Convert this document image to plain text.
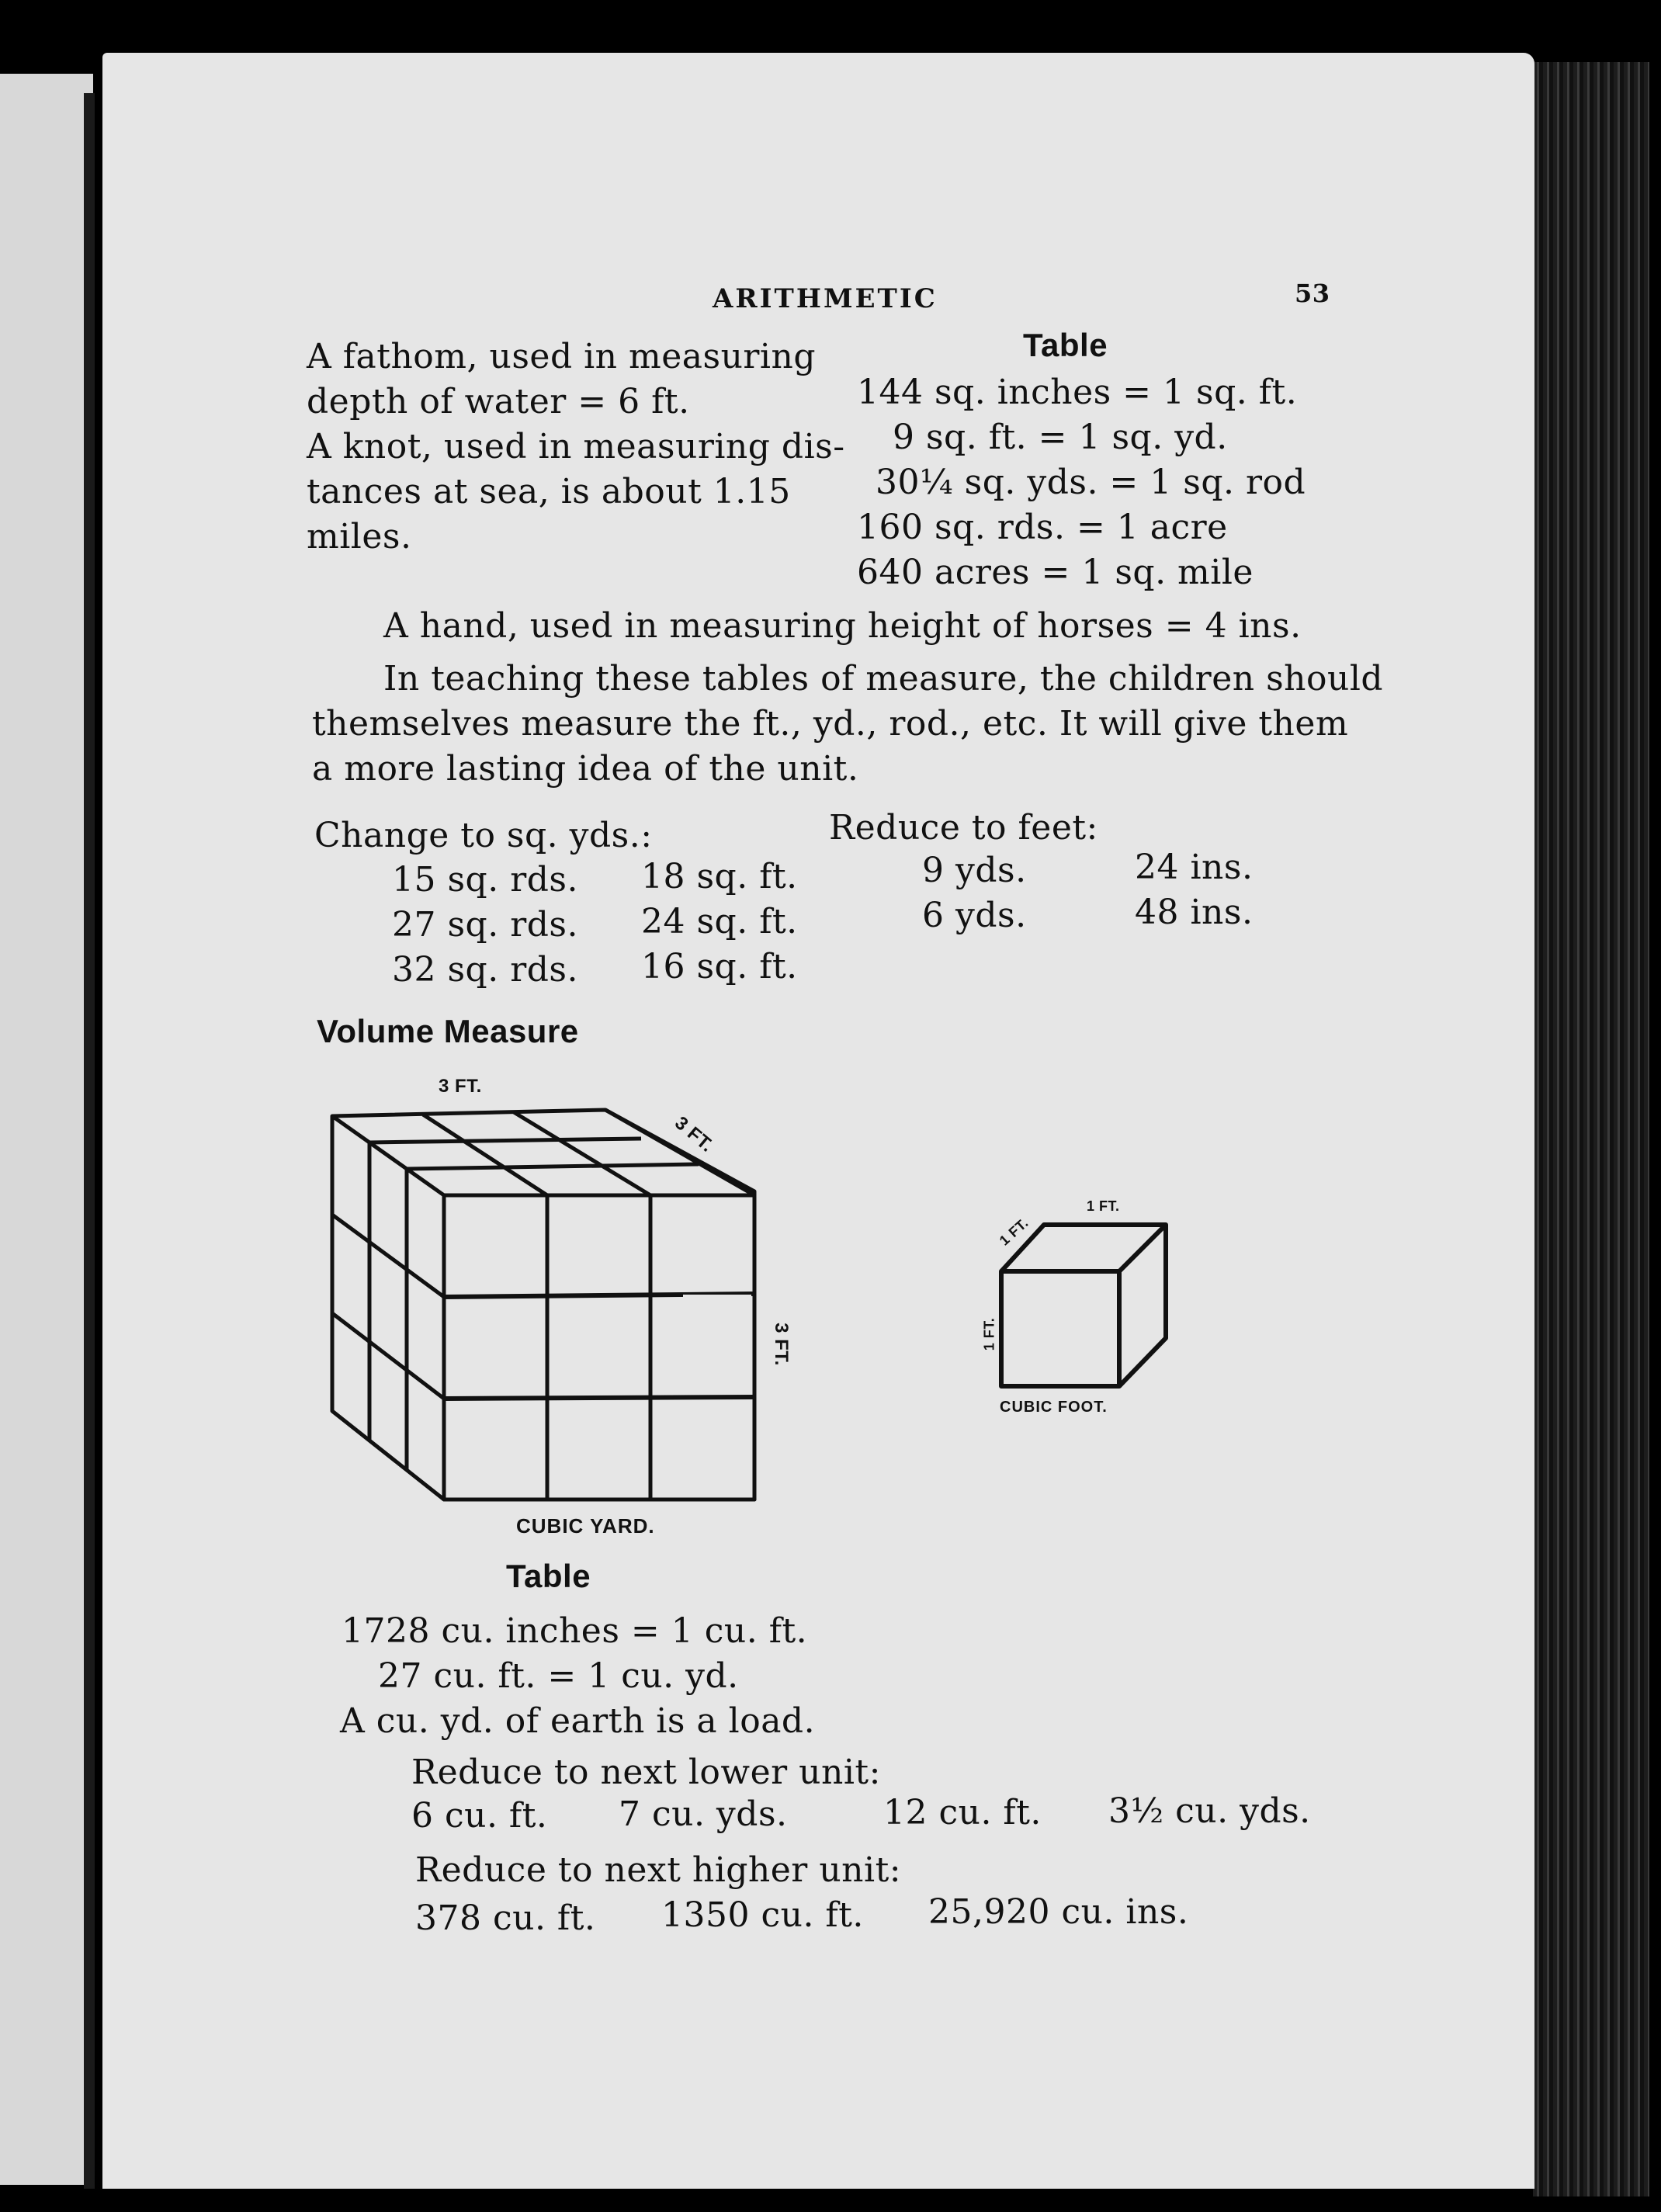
ARITHMETIC	53
A fathom, used in measuring
depth of water = 6 ft.
A knot, used in measuring dis-
tances at sea, is about 1.15
miles.
Table
144 sq. inches = 1 sq. ft.
9 sq. ft. = 1 sq. yd.
30¼ sq. yds. = 1 sq. rod
160 sq. rds. = 1 acre
640 acres = 1 sq. mile
A hand, used in measuring height of horses = 4 ins.
In teaching these tables of measure, the children should
themselves measure the ft., yd., rod., etc. It will give them
a more lasting idea of the unit.
Change to sq. yds.:
15 sq. rds.
27 sq. rds.
32 sq. rds.
18 sq. ft.
24 sq. ft.
16 sq. ft.
Reduce to feet:
9 yds.
6 yds.
24 ins.
48 ins.
Volume Measure
3 FT.
3 FT.
3 FT.
CUBIC YARD.
1 FT.
1 FT.
1 FT.
CUBIC FOOT.
Table
1728 cu. inches = 1 cu. ft.
27 cu. ft. = 1 cu. yd.
A cu. yd. of earth is a load.
Reduce to next lower unit:
6 cu. ft. 7 cu. yds.	12 cu. ft. 3½ cu. yds.
Reduce to next higher unit:
378 cu. ft. 1350 cu. ft. 25,920 cu. ins.
